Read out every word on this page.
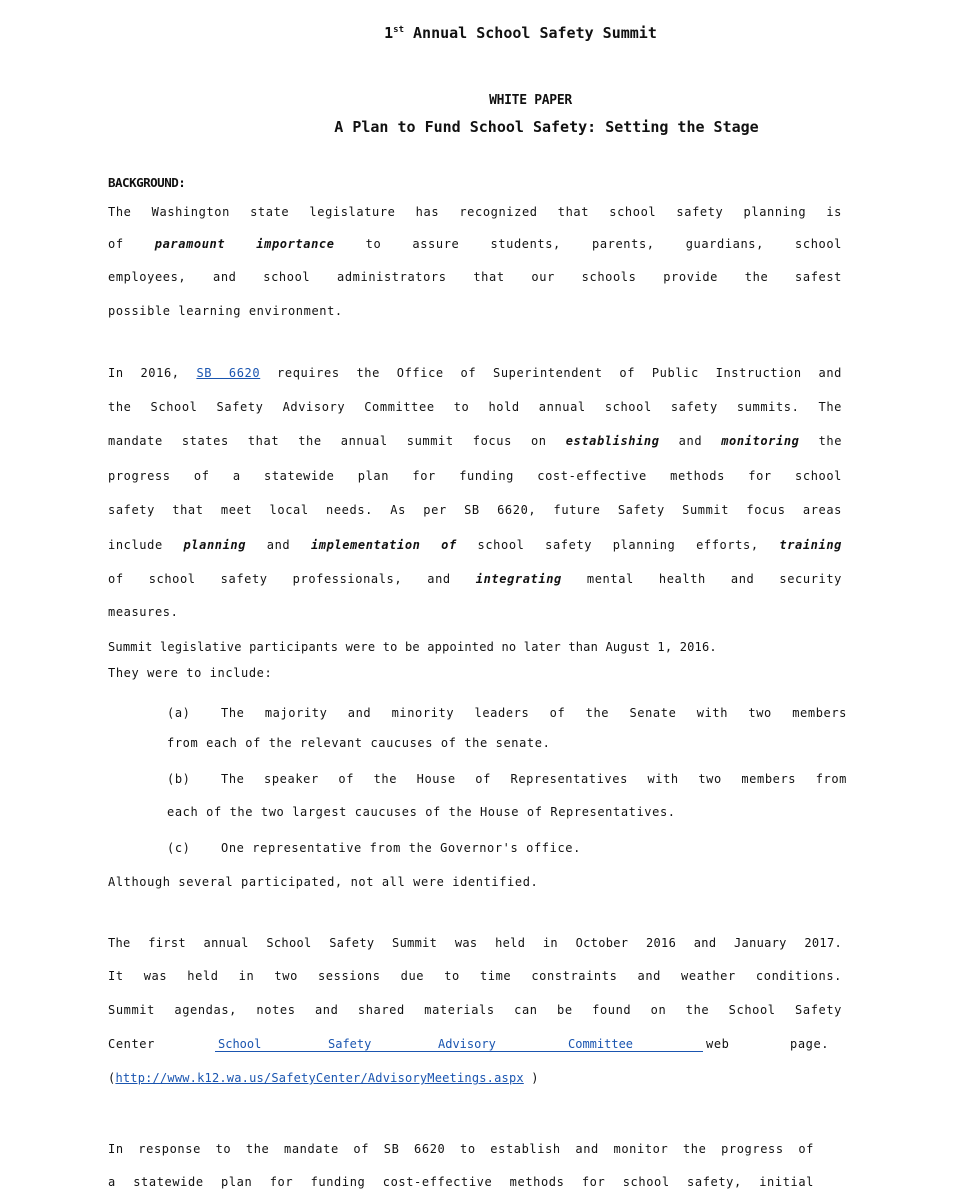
1st Annual School Safety Summit
WHITE PAPER
A Plan to Fund School Safety: Setting the Stage
BACKGROUND:
The Washington state legislature has recognized that school safety planning is
of	paramount importance	to assure students, parents, guardians, school
employees, and school administrators that our schools provide the safest
possible learning environment.
In 2016, SB 6620 requires the Office of Superintendent of Public Instruction and
the School Safety Advisory Committee to hold annual school safety summits. The
mandate states that the annual summit focus on establishing and monitoring the
progress of a statewide plan for funding cost-effective methods for school
safety that meet local needs. As per SB 6620, future Safety Summit focus areas
include planning and implementation of school safety planning efforts, training
of school safety professionals, and integrating mental health and security
measures.
Summit legislative participants were to be appointed no later than August 1, 2016.
They were to include:
(a)	The majority and minority leaders of the Senate with two members
from each of the relevant caucuses of the senate.
(b)	The speaker of the House of Representatives with two members from
each of the two largest caucuses of the House of Representatives.
(c)	One representative from the Governor's office.
Although several participated, not all were identified.
The first annual School Safety Summit was held in October 2016 and January 2017.
It was held in two sessions due to time constraints and weather conditions.
Summit agendas, notes and shared materials can be found on the School Safety
Center	School	Safety	Advisory	Committee	web	page.
(http://www.k12.wa.us/SafetyCenter/AdvisoryMeetings.aspx )
In response to the mandate of SB 6620 to establish and monitor the progress of
a statewide plan for funding cost-effective methods for school safety, initial
